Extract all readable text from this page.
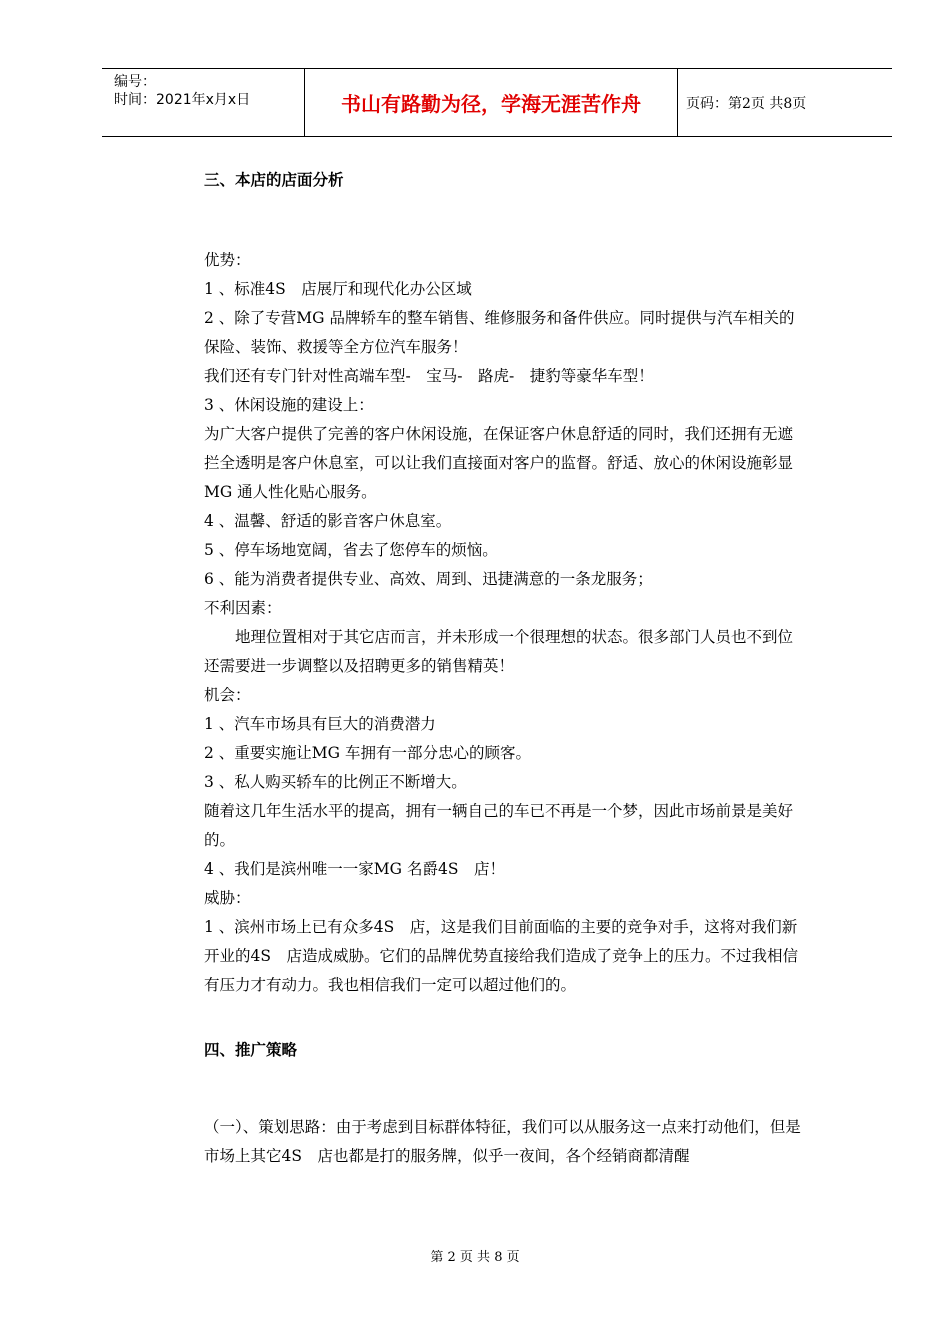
编号：
时间：2021年x月x日	书山有路勤为径，学海无涯苦作舟	页码：第2页 共8页
三、本店的店面分析
优势：
1 、标准4S　店展厅和现代化办公区域
2 、除了专营MG 品牌轿车的整车销售、维修服务和备件供应。同时提供与汽车相关的保险、装饰、救援等全方位汽车服务！
我们还有专门针对性高端车型-　宝马-　路虎-　捷豹等豪华车型！
3 、休闲设施的建设上：
为广大客户提供了完善的客户休闲设施，在保证客户休息舒适的同时，我们还拥有无遮拦全透明是客户休息室，可以让我们直接面对客户的监督。舒适、放心的休闲设施彰显MG 通人性化贴心服务。
4 、温馨、舒适的影音客户休息室。
5 、停车场地宽阔，省去了您停车的烦恼。
6 、能为消费者提供专业、高效、周到、迅捷满意的一条龙服务；
不利因素：
　　地理位置相对于其它店而言，并未形成一个很理想的状态。很多部门人员也不到位还需要进一步调整以及招聘更多的销售精英！
机会：
1 、汽车市场具有巨大的消费潜力
2 、重要实施让MG 车拥有一部分忠心的顾客。
3 、私人购买轿车的比例正不断增大。
随着这几年生活水平的提高，拥有一辆自己的车已不再是一个梦，因此市场前景是美好的。
4 、我们是滨州唯一一家MG 名爵4S　店！
威胁：
1 、滨州市场上已有众多4S　店，这是我们目前面临的主要的竞争对手，这将对我们新开业的4S　店造成威胁。它们的品牌优势直接给我们造成了竞争上的压力。不过我相信有压力才有动力。我也相信我们一定可以超过他们的。
四、推广策略
（一）、策划思路：由于考虑到目标群体特征，我们可以从服务这一点来打动他们，但是市场上其它4S　店也都是打的服务牌，似乎一夜间，各个经销商都清醒
第 2 页 共 8 页
